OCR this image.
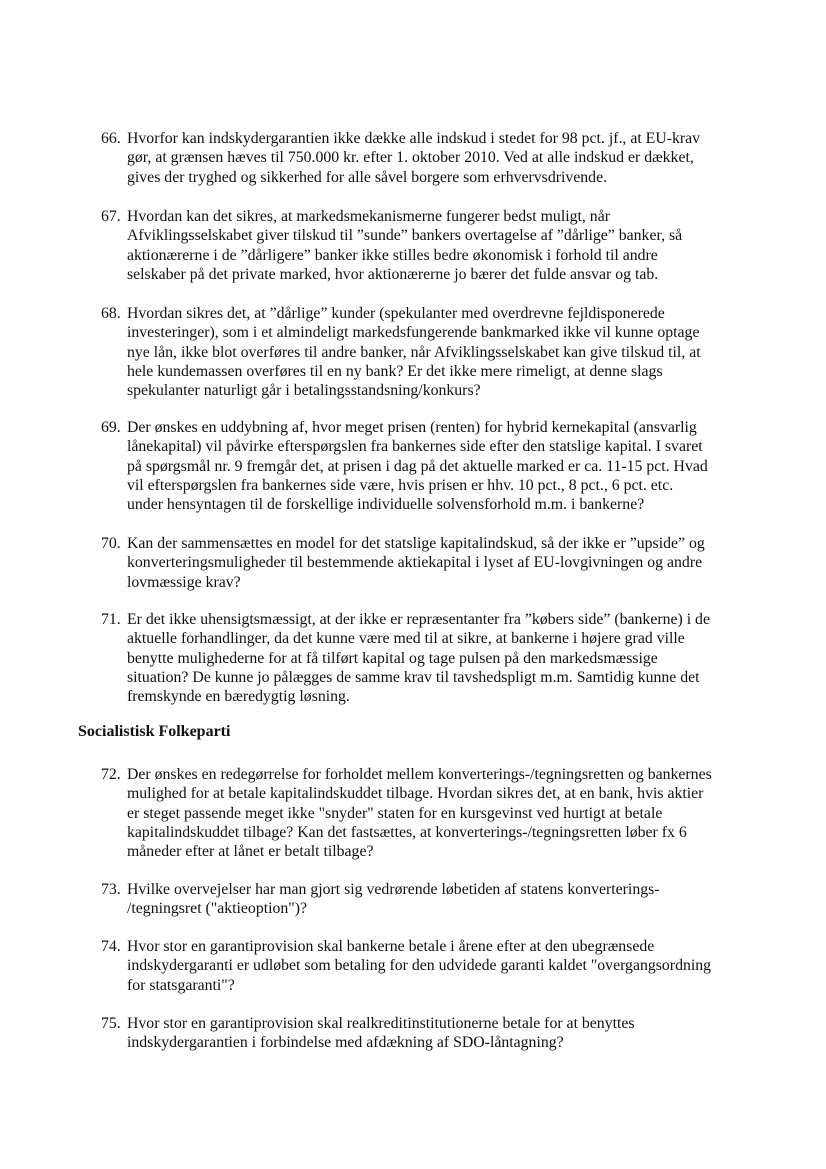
66. Hvorfor kan indskydergarantien ikke dække alle indskud i stedet for 98 pct. jf., at EU-krav
gør, at grænsen hæves til 750.000 kr. efter 1. oktober 2010. Ved at alle indskud er dækket,
gives der tryghed og sikkerhed for alle såvel borgere som erhvervsdrivende.
67. Hvordan kan det sikres, at markedsmekanismerne fungerer bedst muligt, når
Afviklingsselskabet giver tilskud til ”sunde” bankers overtagelse af ”dårlige” banker, så
aktionærerne i de ”dårligere” banker ikke stilles bedre økonomisk i forhold til andre
selskaber på det private marked, hvor aktionærerne jo bærer det fulde ansvar og tab.
68. Hvordan sikres det, at ”dårlige” kunder (spekulanter med overdrevne fejldisponerede
investeringer), som i et almindeligt markedsfungerende bankmarked ikke vil kunne optage
nye lån, ikke blot overføres til andre banker, når Afviklingsselskabet kan give tilskud til, at
hele kundemassen overføres til en ny bank? Er det ikke mere rimeligt, at denne slags
spekulanter naturligt går i betalingsstandsning/konkurs?
69. Der ønskes en uddybning af, hvor meget prisen (renten) for hybrid kernekapital (ansvarlig
lånekapital) vil påvirke efterspørgslen fra bankernes side efter den statslige kapital. I svaret
på spørgsmål nr. 9 fremgår det, at prisen i dag på det aktuelle marked er ca. 11-15 pct. Hvad
vil efterspørgslen fra bankernes side være, hvis prisen er hhv. 10 pct., 8 pct., 6 pct. etc.
under hensyntagen til de forskellige individuelle solvensforhold m.m. i bankerne?
70. Kan der sammensættes en model for det statslige kapitalindskud, så der ikke er ”upside” og
konverteringsmuligheder til bestemmende aktiekapital i lyset af EU-lovgivningen og andre
lovmæssige krav?
71. Er det ikke uhensigtsmæssigt, at der ikke er repræsentanter fra ”købers side” (bankerne) i de
aktuelle forhandlinger, da det kunne være med til at sikre, at bankerne i højere grad ville
benytte mulighederne for at få tilført kapital og tage pulsen på den markedsmæssige
situation? De kunne jo pålægges de samme krav til tavshedspligt m.m. Samtidig kunne det
fremskynde en bæredygtig løsning.
Socialistisk Folkeparti
72. Der ønskes en redegørrelse for forholdet mellem konverterings-/tegningsretten og bankernes
mulighed for at betale kapitalindskuddet tilbage. Hvordan sikres det, at en bank, hvis aktier
er steget passende meget ikke "snyder" staten for en kursgevinst ved hurtigt at betale
kapitalindskuddet tilbage? Kan det fastsættes, at konverterings-/tegningsretten løber fx 6
måneder efter at lånet er betalt tilbage?
73. Hvilke overvejelser har man gjort sig vedrørende løbetiden af statens konverterings-
/tegningsret ("aktieoption")?
74. Hvor stor en garantiprovision skal bankerne betale i årene efter at den ubegrænsede
indskydergaranti er udløbet som betaling for den udvidede garanti kaldet "overgangsordning
for statsgaranti"?
75. Hvor stor en garantiprovision skal realkreditinstitutionerne betale for at benyttes
indskydergarantien i forbindelse med afdækning af SDO-låntagning?
